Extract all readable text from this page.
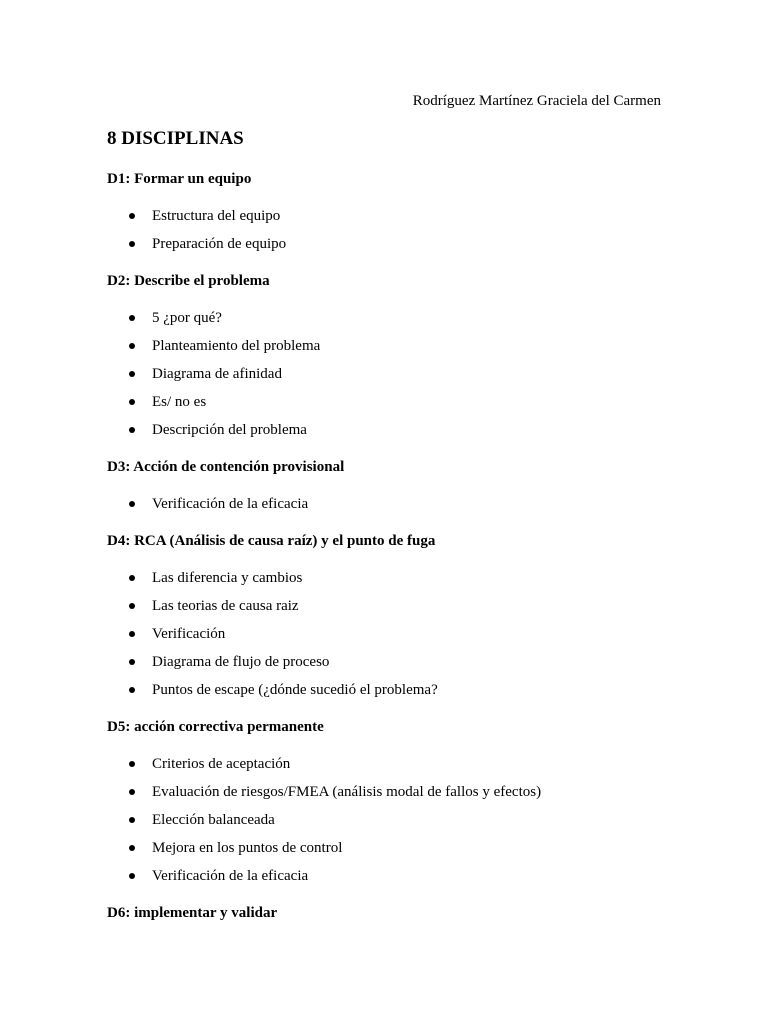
Rodríguez Martínez Graciela del Carmen
8 DISCIPLINAS
D1: Formar un equipo
Estructura del equipo
Preparación de equipo
D2: Describe el problema
5 ¿por qué?
Planteamiento del problema
Diagrama de afinidad
Es/ no es
Descripción del problema
D3: Acción de contención provisional
Verificación de la eficacia
D4: RCA (Análisis de causa raíz) y el punto de fuga
Las diferencia y cambios
Las teorias de causa raiz
Verificación
Diagrama de flujo de proceso
Puntos de escape (¿dónde sucedió el problema?
D5: acción correctiva permanente
Criterios de aceptación
Evaluación de riesgos/FMEA (análisis modal de fallos y efectos)
Elección balanceada
Mejora en los puntos de control
Verificación de la eficacia
D6: implementar y validar
